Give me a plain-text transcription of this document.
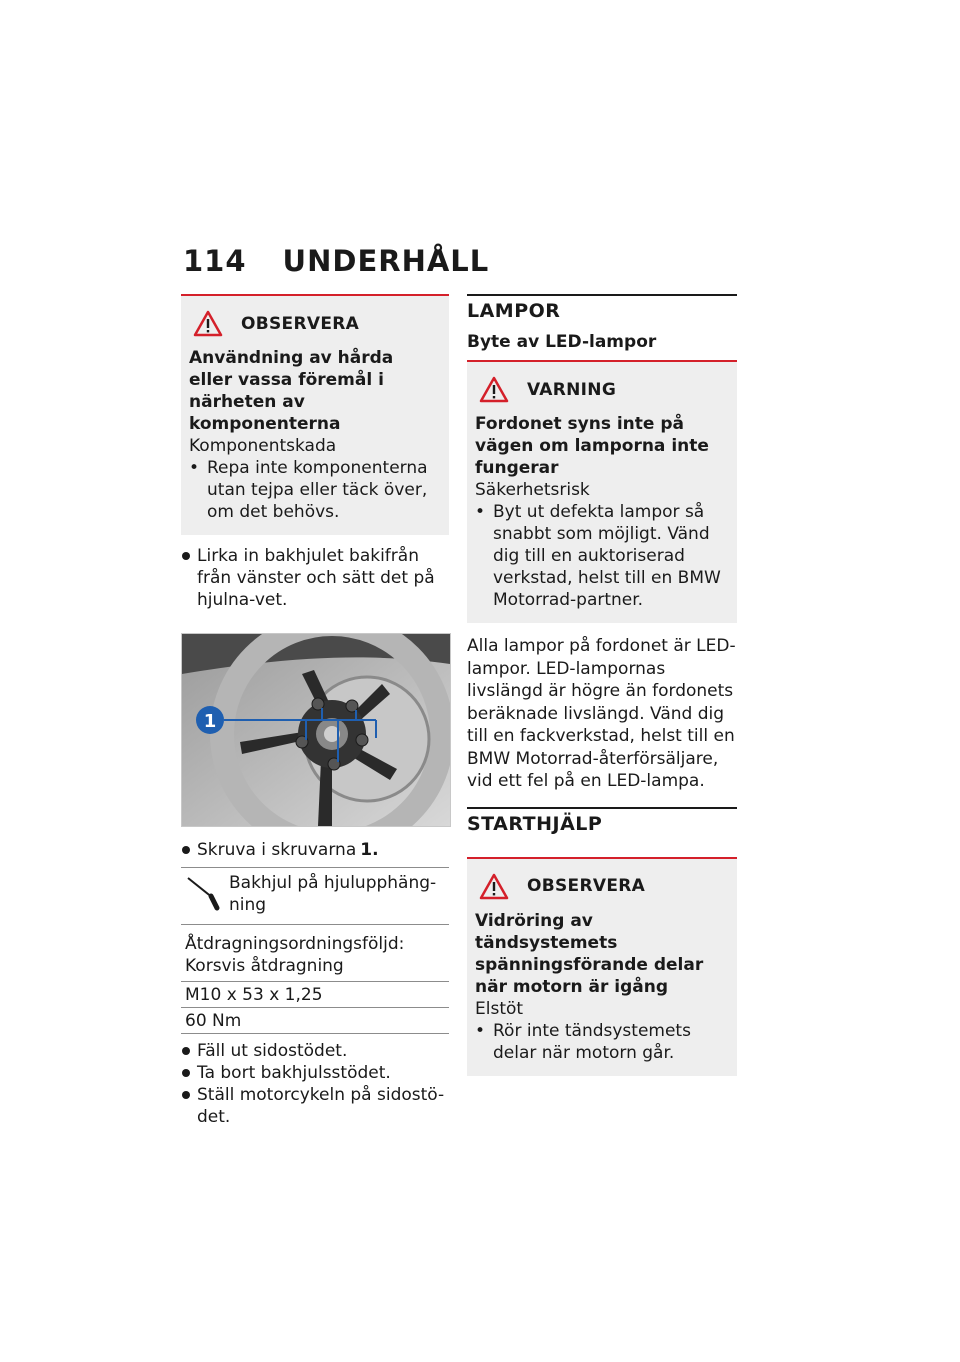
114 UNDERHÅLL
OBSERVERA
Användning av hårda eller vassa föremål i närheten av komponenterna
Komponentskada
• Repa inte komponenterna utan tejpa eller täck över, om det behövs.
Lirka in bakhjulet bakifrån från vänster och sätt det på hjulna-vet.
1
Skruva i skruvarna 1.
Bakhjul på hjulupphäng-ning
Åtdragningsordningsföljd: Korsvis åtdragning
M10 x 53 x 1,25
60 Nm
Fäll ut sidostödet.
Ta bort bakhjulsstödet.
Ställ motorcykeln på sidostö-det.
LAMPOR
Byte av LED-lampor
VARNING
Fordonet syns inte på vägen om lamporna inte fungerar
Säkerhetsrisk
• Byt ut defekta lampor så snabbt som möjligt. Vänd dig till en auktoriserad verkstad, helst till en BMW Motorrad-partner.
Alla lampor på fordonet är LED-lampor. LED-lampornas livslängd är högre än fordonets beräknade livslängd. Vänd dig till en fackverkstad, helst till en BMW Motorrad-återförsäljare, vid ett fel på en LED-lampa.
STARTHJÄLP
OBSERVERA
Vidröring av tändsystemets spänningsförande delar när motorn är igång
Elstöt
• Rör inte tändsystemets delar när motorn går.
